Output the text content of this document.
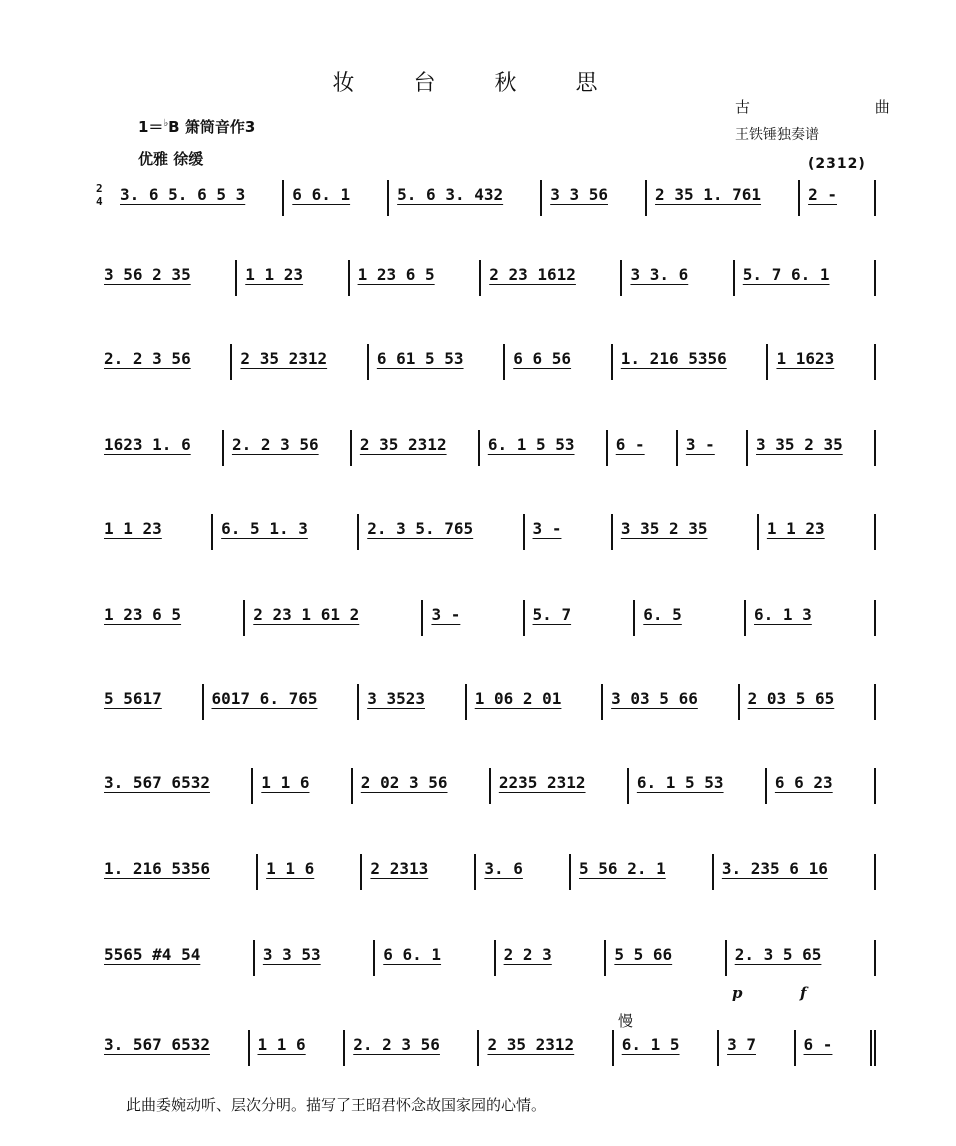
妆 台 秋 思
古 曲
王铁锤独奏谱
1＝♭B 箫筒音作3
优雅 徐缓	(2312)
2
4	3. 6 5. 6 5 3	6 6. 1	5. 6 3. 432	3 3 56	2 35 1. 761	2 -
3 56 2 35	1 1 23	1 23 6 5	2 23 1612	3 3. 6	5. 7 6. 1
2. 2 3 56	2 35 2312	6 61 5 53	6 6 56	1. 216 5356	1 1623
1623 1. 6	2. 2 3 56	2 35 2312	6. 1 5 53	6 -	3 -	3 35 2 35
1 1 23	6. 5 1. 3	2. 3 5. 765	3 -	3 35 2 35	1 1 23
1 23 6 5	2 23 1 61 2	3 -	5. 7	6. 5	6. 1 3
5 5617	6017 6. 765	3 3523	1 06 2 01	3 03 5 66	2 03 5 65
3. 567 6532	1 1 6	2 02 3 56	2235 2312	6. 1 5 53	6 6 23
1. 216 5356	1 1 6	2 2313	3. 6	5 56 2. 1	3. 235 6 16
5565 #4 54	3 3 53	6 6. 1	2 2 3	5 5 66	2. 3 5 65
3. 567 6532	1 1 6	2. 2 3 56	2 35 2312	6. 1 5	3 7	6 -
p	f
慢
此曲委婉动听、层次分明。描写了王昭君怀念故国家园的心情。
